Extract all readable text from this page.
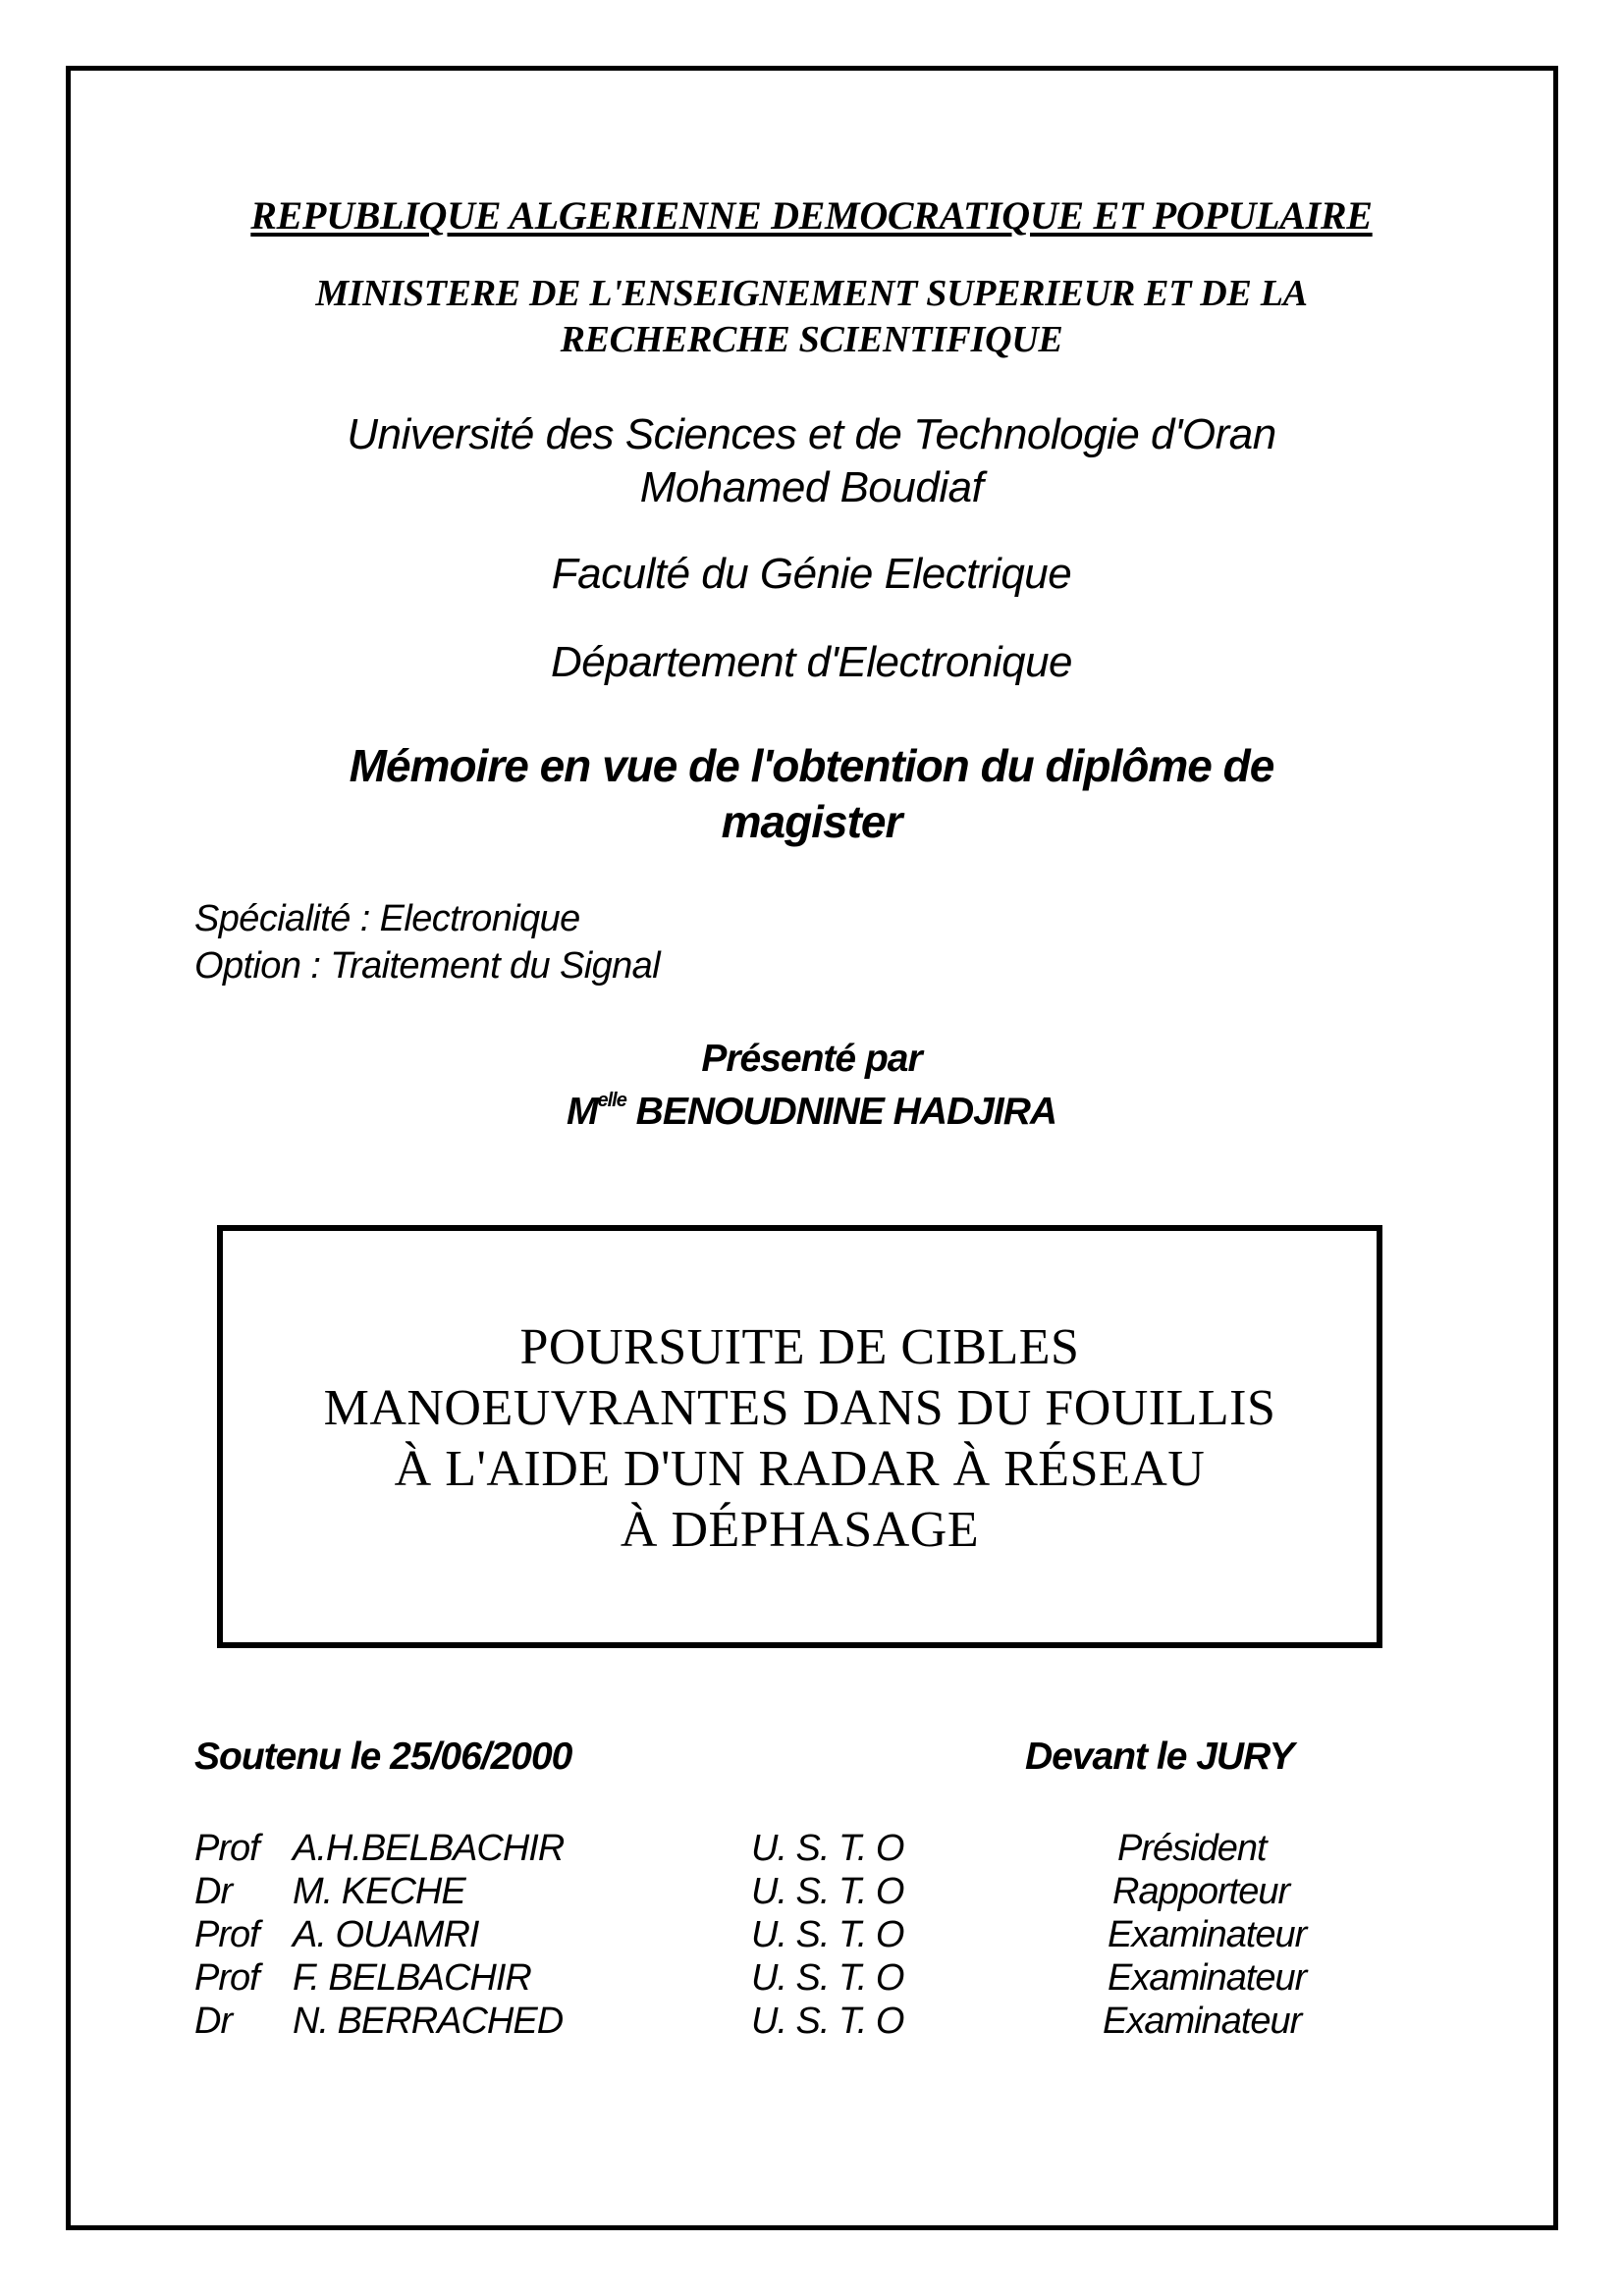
REPUBLIQUE ALGERIENNE DEMOCRATIQUE ET POPULAIRE
MINISTERE DE L'ENSEIGNEMENT SUPERIEUR ET DE LA
RECHERCHE SCIENTIFIQUE
Université des Sciences et de Technologie d'Oran
Mohamed Boudiaf
Faculté du Génie Electrique
Département d'Electronique
Mémoire en vue de l'obtention du diplôme de
magister
Spécialité : Electronique
Option : Traitement du Signal
Présenté par
$M^{elle}$ BENOUDNINE HADJIRA
POURSUITE DE CIBLES
MANOEUVRANTES DANS DU FOUILLIS
À L'AIDE D'UN RADAR À RÉSEAU
À DÉPHASAGE
Soutenu le 25/06/2000	Devant le JURY
Prof A.H.BELBACHIR	U. S. T. O	Président
Dr M. KECHE	U. S. T. O	Rapporteur
Prof A. OUAMRI	U. S. T. O	Examinateur
Prof F. BELBACHIR	U. S. T. O	Examinateur
Dr N. BERRACHED	U. S. T. O	Examinateur
